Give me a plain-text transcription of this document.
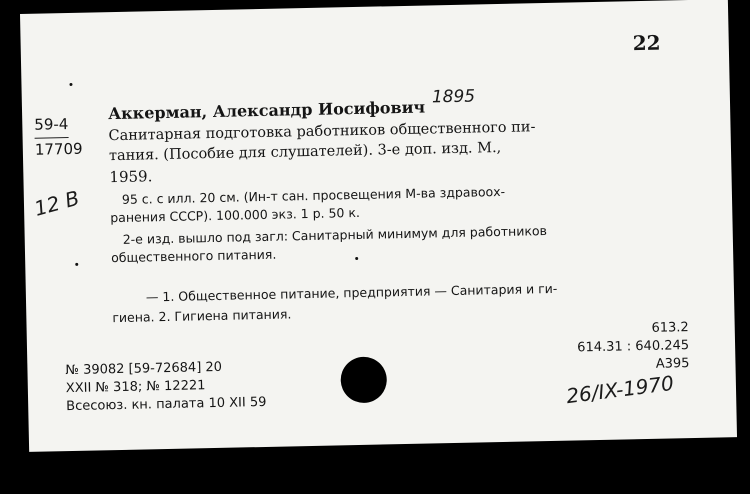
22
59-4
17709
12 В
Аккерман, Александр Иосифович
1895
Санитарная подготовка работников общественного пи-
тания. (Пособие для слушателей). 3-е доп. изд. М.,
1959.
95 с. с илл. 20 см. (Ин-т сан. просвещения М-ва здравоох-
ранения СССР). 100.000 экз. 1 р. 50 к.
2-е изд. вышло под загл: Санитарный минимум для работников
общественного питания.
— 1. Общественное питание, предприятия — Санитария и ги-
гиена. 2. Гигиена питания.
613.2
614.31 : 640.245
А395
№ 39082 [59-72684] 20
XXII № 318; № 12221
Всесоюз. кн. палата 10 XII 59	26/IX-1970
